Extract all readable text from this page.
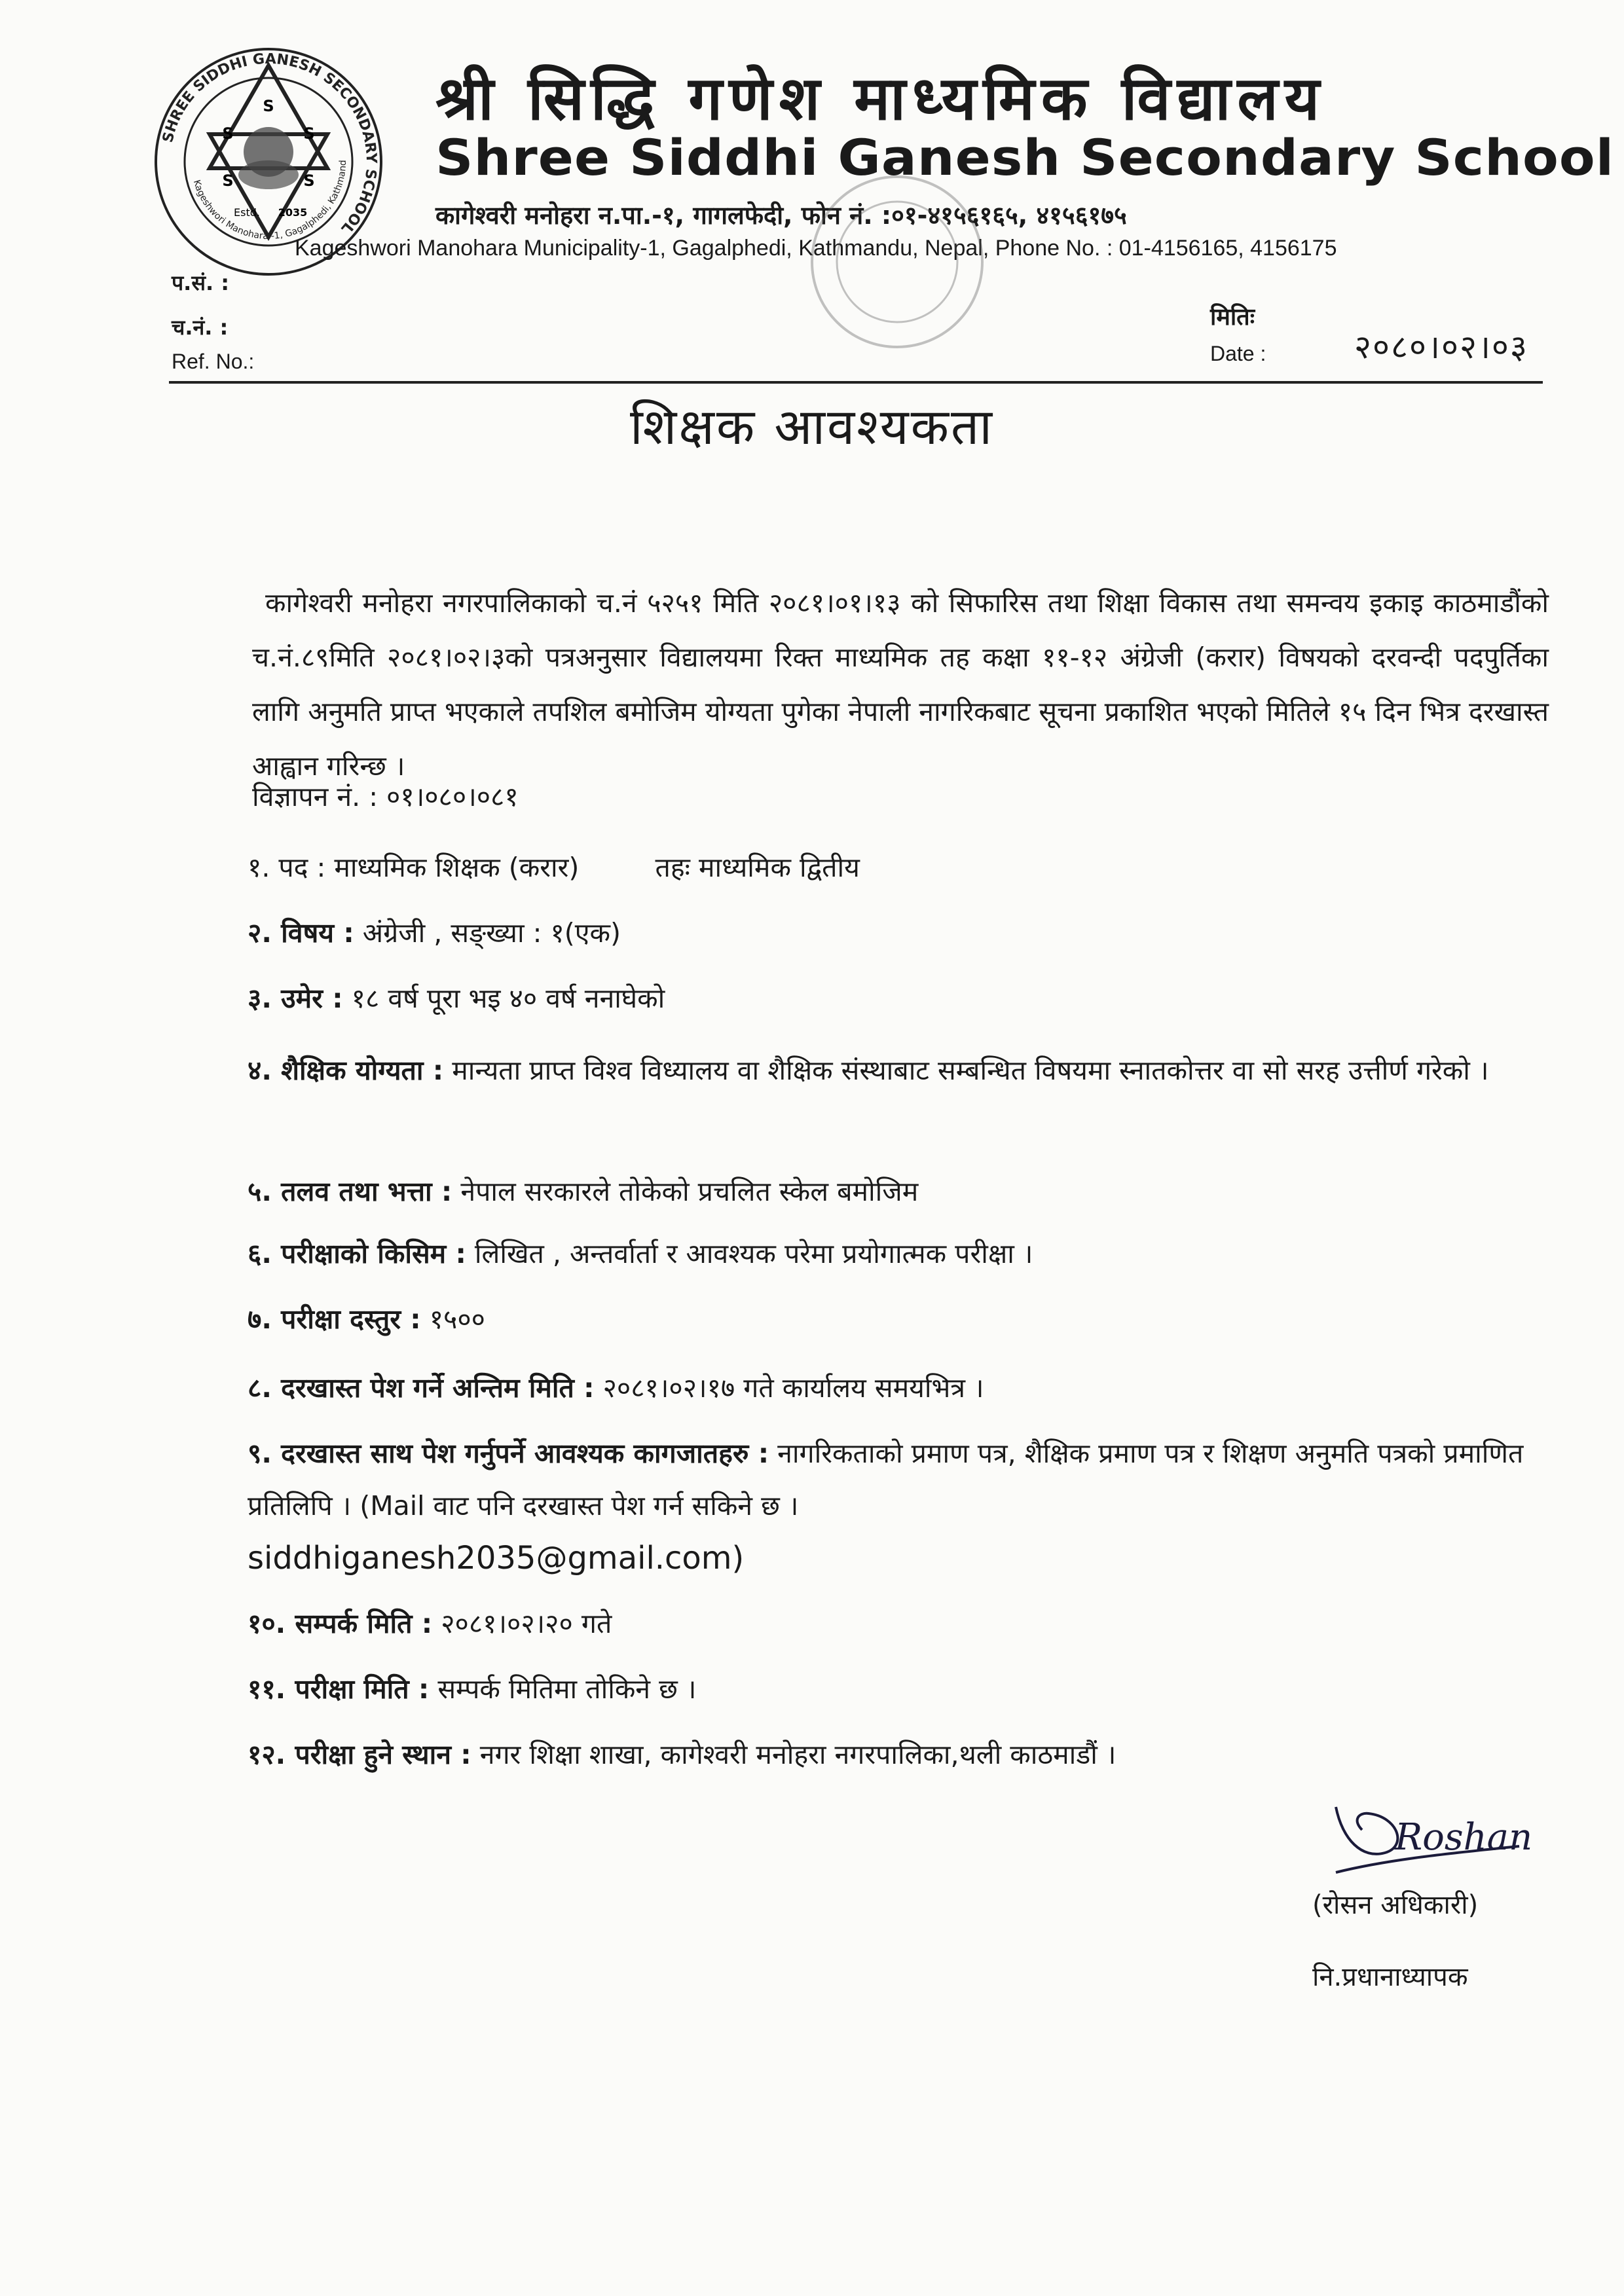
SHREE SIDDHI GANESH SECONDARY SCHOOL
Kageshwori Manohara -1, Gagalphedi, Kathmand
S
S	S
S	S
Estd. 2035
श्री सिद्धि गणेश माध्यमिक विद्यालय
Shree Siddhi Ganesh Secondary School
कागेश्वरी मनोहरा न.पा.-१, गागलफेदी, फोन नं. :०१-४१५६१६५, ४१५६१७५
Kageshwori Manohara Municipality-1, Gagalphedi, Kathmandu, Nepal, Phone No. : 01-4156165, 4156175
प.सं. :
च.नं. :
Ref. No.:
मितिः
Date :	२०८०।०२।०३
शिक्षक आवश्यकता
कागेश्वरी मनोहरा नगरपालिकाको च.नं ५२५१ मिति २०८१।०१।१३ को सिफारिस तथा शिक्षा विकास तथा समन्वय इकाइ काठमाडौंको च.नं.८९मिति २०८१।०२।३को पत्रअनुसार विद्यालयमा रिक्त माध्यमिक तह कक्षा ११-१२ अंग्रेजी (करार) विषयको दरवन्दी पदपुर्तिका लागि अनुमति प्राप्त भएकाले तपशिल बमोजिम योग्यता पुगेका नेपाली नागरिकबाट सूचना प्रकाशित भएको मितिले १५ दिन भित्र दरखास्त आह्वान गरिन्छ ।
विज्ञापन नं. : ०१।०८०।०८१
१. पद : माध्यमिक शिक्षक (करार)	तहः माध्यमिक द्वितीय
२. विषय : अंग्रेजी , सङ्ख्या : १(एक)
३. उमेर : १८ वर्ष पूरा भइ ४० वर्ष ननाघेको
४. शैक्षिक योग्यता : मान्यता प्राप्त विश्व विध्यालय वा शैक्षिक संस्थाबाट सम्बन्धित विषयमा स्नातकोत्तर वा सो सरह उत्तीर्ण गरेको ।
५. तलव तथा भत्ता : नेपाल सरकारले तोकेको प्रचलित स्केल बमोजिम
६. परीक्षाको किसिम : लिखित , अन्तर्वार्ता र आवश्यक परेमा प्रयोगात्मक परीक्षा ।
७. परीक्षा दस्तुर : १५००
८. दरखास्त पेश गर्ने अन्तिम मिति : २०८१।०२।१७ गते कार्यालय समयभित्र ।
९. दरखास्त साथ पेश गर्नुपर्ने आवश्यक कागजातहरु : नागरिकताको प्रमाण पत्र, शैक्षिक प्रमाण पत्र र शिक्षण अनुमति पत्रको प्रमाणित प्रतिलिपि । (Mail वाट पनि दरखास्त पेश गर्न सकिने छ ।
siddhiganesh2035@gmail.com)
१०. सम्पर्क मिति : २०८१।०२।२० गते
११. परीक्षा मिति : सम्पर्क मितिमा तोकिने छ ।
१२. परीक्षा हुने स्थान : नगर शिक्षा शाखा, कागेश्वरी मनोहरा नगरपालिका,थली काठमाडौं ।
Roshan
(रोसन अधिकारी)
नि.प्रधानाध्यापक
